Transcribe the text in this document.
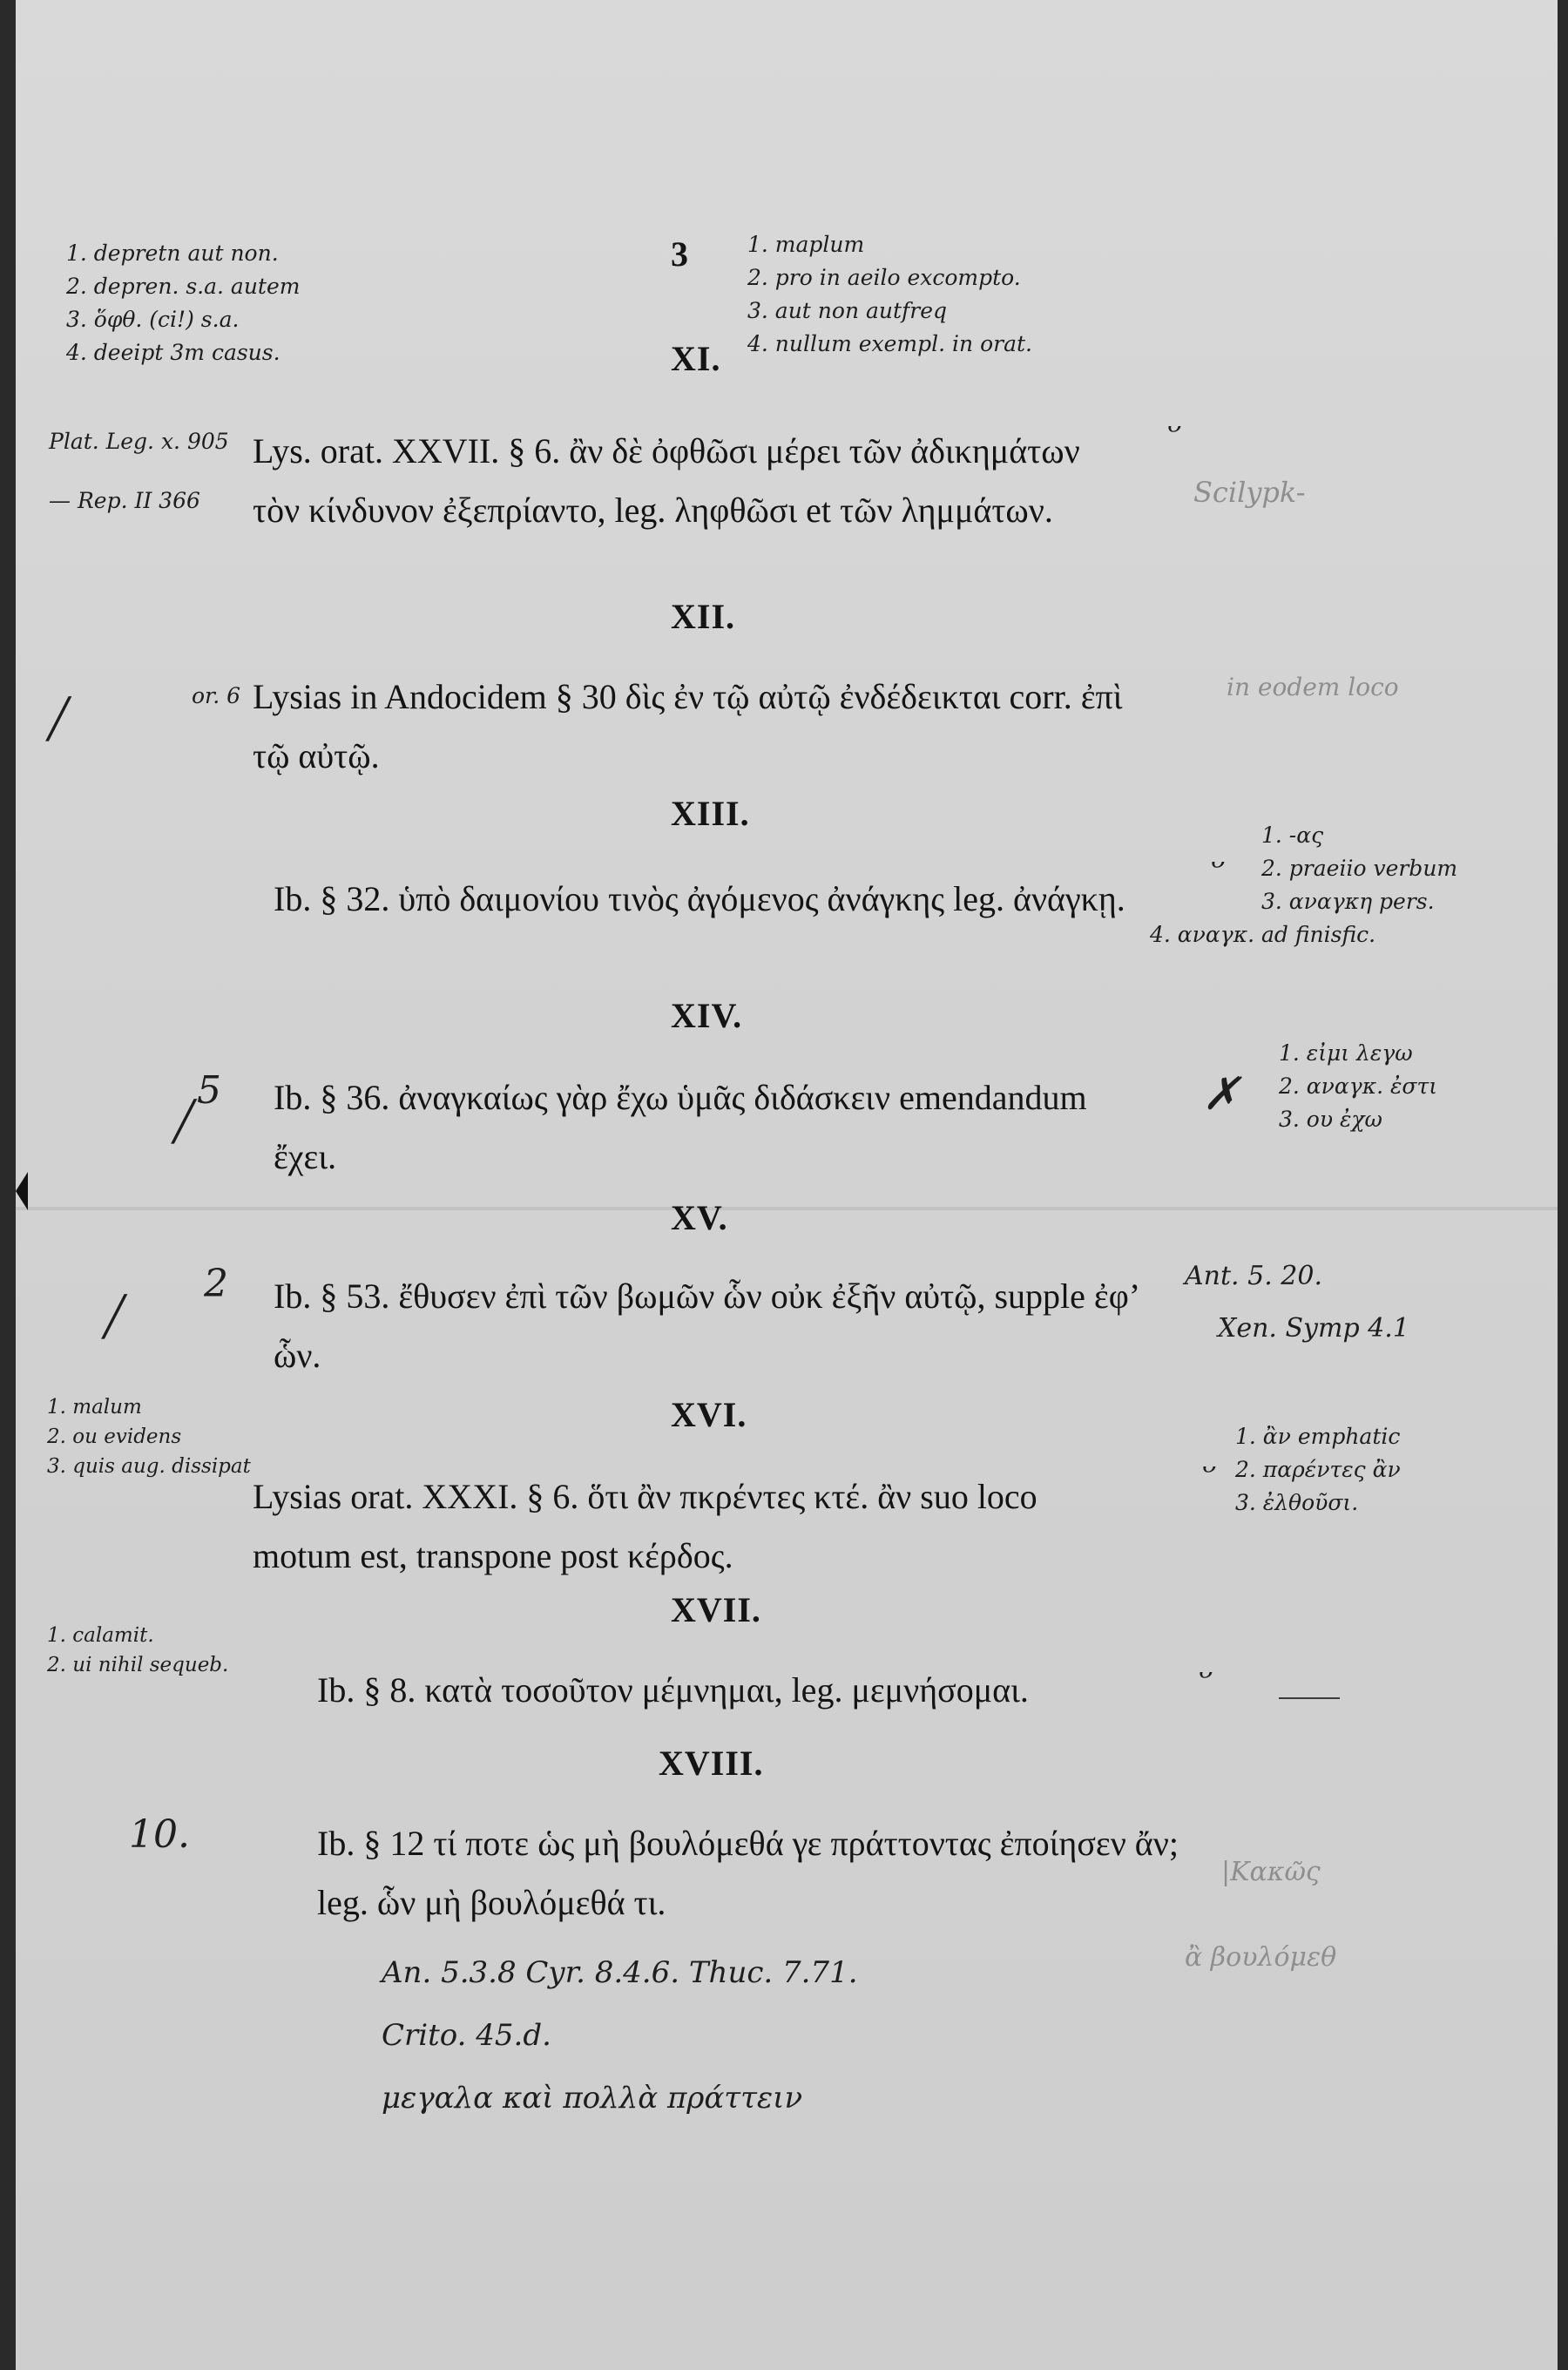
3
1. depretn aut non.
2. depren. s.a. autem
3. ὅφθ. (ci!) s.a.
4. deeipt 3m casus.
1. maplum
2. pro in aeilo excompto.
3. aut non autfreq
4. nullum exempl. in orat.
XI.
Lys. orat. XXVII. § 6. ἂν δὲ ὀφθῶσι μέρει τῶν ἀδικημάτων τὸν κίνδυνον ἐξεπρίαντο, leg. ληφθῶσι et τῶν λημμάτων.
Plat. Leg. x. 905
— Rep. II 366
ᵕ
Scilypk-
XII.
Lysias in Andocidem § 30 δὶς ἐν τῷ αὐτῷ ἐνδέδεικται corr. ἐπὶ τῷ αὐτῷ.
or. 6
╱
in eodem loco
XIII.
Ib. § 32. ὑπὸ δαιμονίου τινὸς ἀγόμενος ἀνάγκης leg. ἀνάγκῃ.
1. -ας
2. praeiio verbum
3. αναγκη pers.
4. αναγκ. ad finisfic.
ᵕ
XIV.
Ib. § 36. ἀναγκαίως γὰρ ἔχω ὑμᾶς διδάσκειν emendandum ἔχει.
5
╱
1. εἰμι λεγω
2. αναγκ. ἐστι
3. ου ἐχω
✗
XV.
Ib. § 53. ἔθυσεν ἐπὶ τῶν βωμῶν ὧν οὐκ ἐξῆν αὐτῷ, supple ἐφ’ ὧν.
2
╱
Ant. 5. 20.
Xen. Symp 4.1
XVI.
Lysias orat. XXXI. § 6. ὅτι ἂν πκρέντες κτέ. ἂν suo loco motum est, transpone post κέρδος.
1. malum
2. ou evidens
3. quis aug. dissipat
1. ἂν emphatic
2. παρέντες ἂν
3. ἐλθοῦσι.
ᵕ
XVII.
Ib. § 8. κατὰ τοσοῦτον μέμνημαι, leg. μεμνήσομαι.
1. calamit.
2. ui nihil sequeb.	ᵕ
XVIII.
Ib. § 12 τί ποτε ὡς μὴ βουλόμεθά γε πράττοντας ἐποίησεν ἄν; leg. ὧν μὴ βουλόμεθά τι.
10.
|Κακῶς
ἂ βουλόμεθ
An. 5.3.8 Cyr. 8.4.6. Thuc. 7.71.
Crito. 45.d.
μεγαλα καὶ πολλὰ πράττειν
